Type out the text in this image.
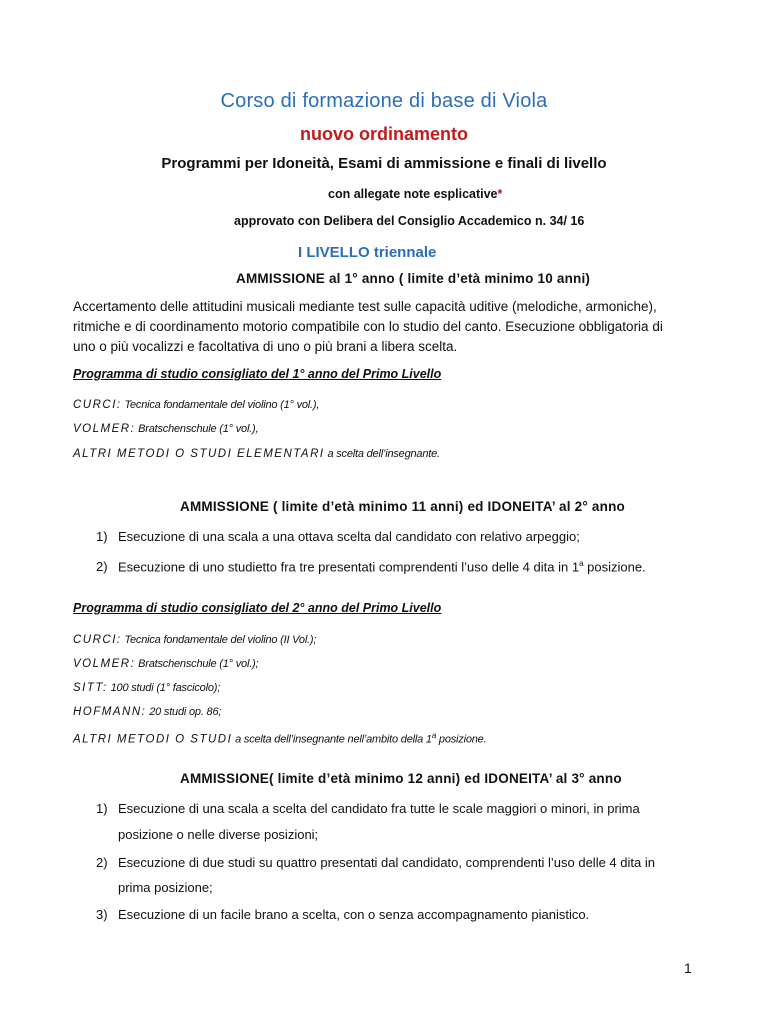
Corso di formazione di base di Viola
nuovo ordinamento
Programmi per Idoneità, Esami di ammissione e finali di livello
con allegate note esplicative*
approvato con Delibera del Consiglio Accademico n. 34/ 16
I LIVELLO triennale
AMMISSIONE al 1° anno ( limite d’età minimo 10 anni)
Accertamento delle attitudini musicali mediante test sulle capacità uditive (melodiche, armoniche),
ritmiche e di coordinamento motorio compatibile con lo studio del canto. Esecuzione obbligatoria di
uno o più vocalizzi e facoltativa di uno o più brani a libera scelta.
Programma di studio consigliato del 1° anno del Primo Livello
CURCI: Tecnica fondamentale del violino (1° vol.),
VOLMER: Bratschenschule (1° vol.),
ALTRI METODI O STUDI ELEMENTARI a scelta dell’insegnante.
AMMISSIONE ( limite d’età minimo 11 anni) ed IDONEITA’ al 2° anno
1) Esecuzione di una scala a una ottava scelta dal candidato con relativo arpeggio;
2) Esecuzione di uno studietto fra tre presentati comprendenti l’uso delle 4 dita in 1$^a$ posizione.
Programma di studio consigliato del 2° anno del Primo Livello
CURCI: Tecnica fondamentale del violino (II Vol.);
VOLMER: Bratschenschule (1° vol.);
SITT: 100 studi (1° fascicolo);
HOFMANN: 20 studi op. 86;
ALTRI METODI O STUDI a scelta dell’insegnante nell’ambito della 1$^a$ posizione.
AMMISSIONE( limite d’età minimo 12 anni) ed IDONEITA’ al 3° anno
1) Esecuzione di una scala a scelta del candidato fra tutte le scale maggiori o minori, in prima
posizione o nelle diverse posizioni;
2) Esecuzione di due studi su quattro presentati dal candidato, comprendenti l’uso delle 4 dita in
prima posizione;
3) Esecuzione di un facile brano a scelta, con o senza accompagnamento pianistico.
1
